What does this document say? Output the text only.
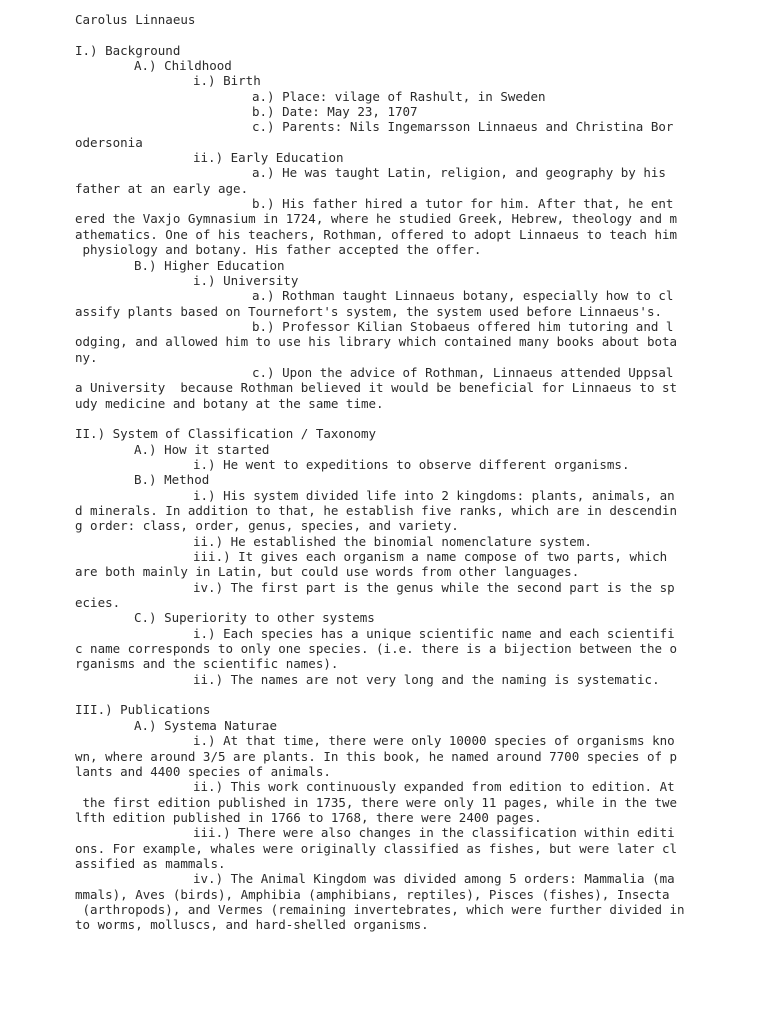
Carolus Linnaeus
I.) Background
A.) Childhood
i.) Birth
a.) Place: vilage of Rashult, in Sweden
b.) Date: May 23, 1707
c.) Parents: Nils Ingemarsson Linnaeus and Christina Bor
odersonia
ii.) Early Education
a.) He was taught Latin, religion, and geography by his
father at an early age.
b.) His father hired a tutor for him. After that, he ent
ered the Vaxjo Gymnasium in 1724, where he studied Greek, Hebrew, theology and m
athematics. One of his teachers, Rothman, offered to adopt Linnaeus to teach him
physiology and botany. His father accepted the offer.
B.) Higher Education
i.) University
a.) Rothman taught Linnaeus botany, especially how to cl
assify plants based on Tournefort's system, the system used before Linnaeus's.
b.) Professor Kilian Stobaeus offered him tutoring and l
odging, and allowed him to use his library which contained many books about bota
ny.
c.) Upon the advice of Rothman, Linnaeus attended Uppsal
a University  because Rothman believed it would be beneficial for Linnaeus to st
udy medicine and botany at the same time.
II.) System of Classification / Taxonomy
A.) How it started
i.) He went to expeditions to observe different organisms.
B.) Method
i.) His system divided life into 2 kingdoms: plants, animals, an
d minerals. In addition to that, he establish five ranks, which are in descendin
g order: class, order, genus, species, and variety.
ii.) He established the binomial nomenclature system.
iii.) It gives each organism a name compose of two parts, which
are both mainly in Latin, but could use words from other languages.
iv.) The first part is the genus while the second part is the sp
ecies.
C.) Superiority to other systems
i.) Each species has a unique scientific name and each scientifi
c name corresponds to only one species. (i.e. there is a bijection between the o
rganisms and the scientific names).
ii.) The names are not very long and the naming is systematic.
III.) Publications
A.) Systema Naturae
i.) At that time, there were only 10000 species of organisms kno
wn, where around 3/5 are plants. In this book, he named around 7700 species of p
lants and 4400 species of animals.
ii.) This work continuously expanded from edition to edition. At
the first edition published in 1735, there were only 11 pages, while in the twe
lfth edition published in 1766 to 1768, there were 2400 pages.
iii.) There were also changes in the classification within editi
ons. For example, whales were originally classified as fishes, but were later cl
assified as mammals.
iv.) The Animal Kingdom was divided among 5 orders: Mammalia (ma
mmals), Aves (birds), Amphibia (amphibians, reptiles), Pisces (fishes), Insecta
(arthropods), and Vermes (remaining invertebrates, which were further divided in
to worms, molluscs, and hard-shelled organisms.
